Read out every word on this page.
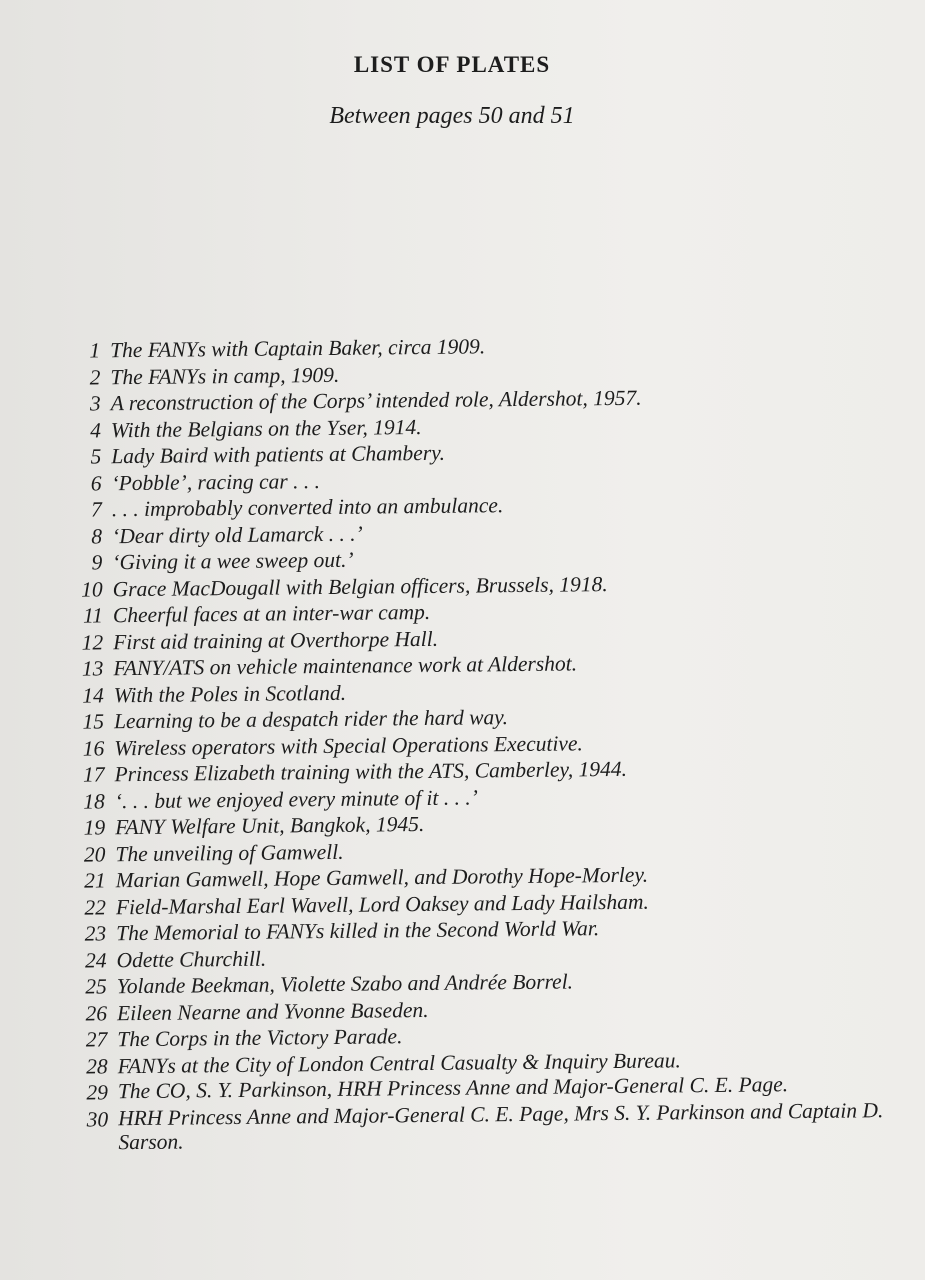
LIST OF PLATES
Between pages 50 and 51
1 The FANYs with Captain Baker, circa 1909.
2 The FANYs in camp, 1909.
3 A reconstruction of the Corps’ intended role, Aldershot, 1957.
4 With the Belgians on the Yser, 1914.
5 Lady Baird with patients at Chambery.
6 ‘Pobble’, racing car . . .
7 . . . improbably converted into an ambulance.
8 ‘Dear dirty old Lamarck . . .’
9 ‘Giving it a wee sweep out.’
10 Grace MacDougall with Belgian officers, Brussels, 1918.
11 Cheerful faces at an inter-war camp.
12 First aid training at Overthorpe Hall.
13 FANY/ATS on vehicle maintenance work at Aldershot.
14 With the Poles in Scotland.
15 Learning to be a despatch rider the hard way.
16 Wireless operators with Special Operations Executive.
17 Princess Elizabeth training with the ATS, Camberley, 1944.
18 ‘. . . but we enjoyed every minute of it . . .’
19 FANY Welfare Unit, Bangkok, 1945.
20 The unveiling of Gamwell.
21 Marian Gamwell, Hope Gamwell, and Dorothy Hope-Morley.
22 Field-Marshal Earl Wavell, Lord Oaksey and Lady Hailsham.
23 The Memorial to FANYs killed in the Second World War.
24 Odette Churchill.
25 Yolande Beekman, Violette Szabo and Andrée Borrel.
26 Eileen Nearne and Yvonne Baseden.
27 The Corps in the Victory Parade.
28 FANYs at the City of London Central Casualty & Inquiry Bureau.
29 The CO, S. Y. Parkinson, HRH Princess Anne and Major-General C. E. Page.
30 HRH Princess Anne and Major-General C. E. Page, Mrs S. Y. Parkinson and Captain D. Sarson.
